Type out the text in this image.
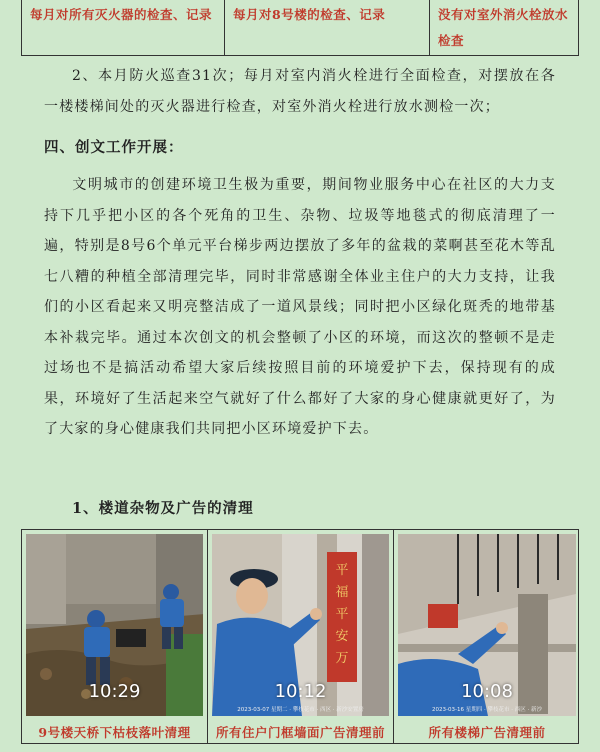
每月对所有灭火器的检查、记录	每月对8号楼的检查、记录	没有对室外消火栓放水检查
2、本月防火巡查31次；每月对室内消火栓进行全面检查，对摆放在各一楼楼梯间处的灭火器进行检查，对室外消火栓进行放水测检一次；
四、创文工作开展：
文明城市的创建环境卫生极为重要，期间物业服务中心在社区的大力支持下几乎把小区的各个死角的卫生、杂物、垃圾等地毯式的彻底清理了一遍，特别是8号6个单元平台梯步两边摆放了多年的盆栽的菜啊甚至花木等乱七八糟的种植全部清理完毕，同时非常感谢全体业主住户的大力支持，让我们的小区看起来又明亮整洁成了一道风景线；同时把小区绿化斑秃的地带基本补栽完毕。通过本次创文的机会整顿了小区的环境，而这次的整顿不是走过场也不是搞活动希望大家后续按照目前的环境爱护下去，保持现有的成果，环境好了生活起来空气就好了什么都好了大家的身心健康就更好了，为了大家的身心健康我们共同把小区环境爱护下去。
1、楼道杂物及广告的清理
10:29
9号楼天桥下枯枝落叶清理
平
福
平
安
万
10:12
2023-03-07 星期二 · 攀枝花市 · 西区 · 新沙安置房
所有住户门框墙面广告清理前
10:08
2023-03-16 星期四 · 攀枝花市 · 西区 · 新沙
所有楼梯广告清理前
